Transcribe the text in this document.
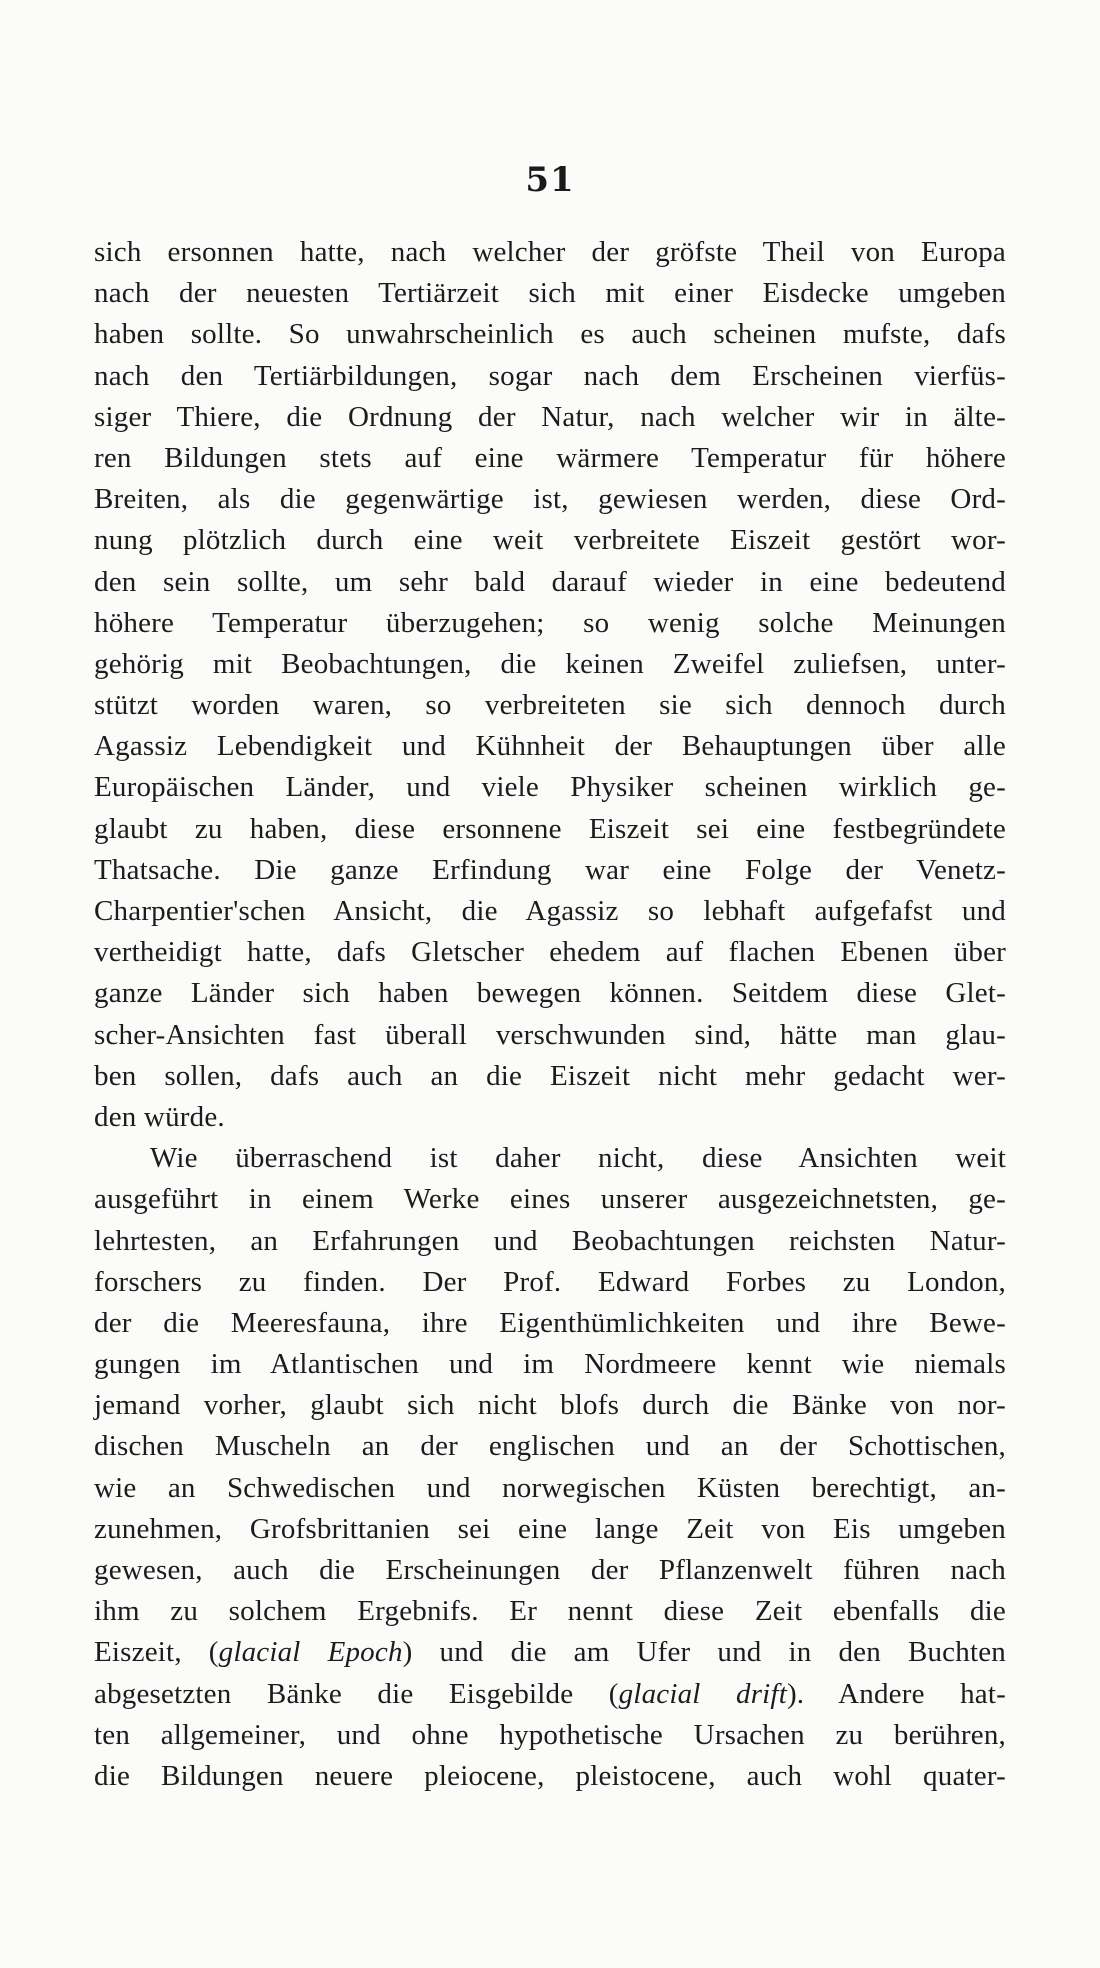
51
sich ersonnen hatte, nach welcher der gröfste Theil von Europa
nach der neuesten Tertiärzeit sich mit einer Eisdecke umgeben
haben sollte. So unwahrscheinlich es auch scheinen mufste, dafs
nach den Tertiärbildungen, sogar nach dem Erscheinen vierfüs-
siger Thiere, die Ordnung der Natur, nach welcher wir in älte-
ren Bildungen stets auf eine wärmere Temperatur für höhere
Breiten, als die gegenwärtige ist, gewiesen werden, diese Ord-
nung plötzlich durch eine weit verbreitete Eiszeit gestört wor-
den sein sollte, um sehr bald darauf wieder in eine bedeutend
höhere Temperatur überzugehen; so wenig solche Meinungen
gehörig mit Beobachtungen, die keinen Zweifel zuliefsen, unter-
stützt worden waren, so verbreiteten sie sich dennoch durch
Agassiz Lebendigkeit und Kühnheit der Behauptungen über alle
Europäischen Länder, und viele Physiker scheinen wirklich ge-
glaubt zu haben, diese ersonnene Eiszeit sei eine festbegründete
Thatsache. Die ganze Erfindung war eine Folge der Venetz-
Charpentier'schen Ansicht, die Agassiz so lebhaft aufgefafst und
vertheidigt hatte, dafs Gletscher ehedem auf flachen Ebenen über
ganze Länder sich haben bewegen können. Seitdem diese Glet-
scher-Ansichten fast überall verschwunden sind, hätte man glau-
ben sollen, dafs auch an die Eiszeit nicht mehr gedacht wer-
den würde.
Wie überraschend ist daher nicht, diese Ansichten weit
ausgeführt in einem Werke eines unserer ausgezeichnetsten, ge-
lehrtesten, an Erfahrungen und Beobachtungen reichsten Natur-
forschers zu finden. Der Prof. Edward Forbes zu London,
der die Meeresfauna, ihre Eigenthümlichkeiten und ihre Bewe-
gungen im Atlantischen und im Nordmeere kennt wie niemals
jemand vorher, glaubt sich nicht blofs durch die Bänke von nor-
dischen Muscheln an der englischen und an der Schottischen,
wie an Schwedischen und norwegischen Küsten berechtigt, an-
zunehmen, Grofsbrittanien sei eine lange Zeit von Eis umgeben
gewesen, auch die Erscheinungen der Pflanzenwelt führen nach
ihm zu solchem Ergebnifs. Er nennt diese Zeit ebenfalls die
Eiszeit, (glacial Epoch) und die am Ufer und in den Buchten
abgesetzten Bänke die Eisgebilde (glacial drift). Andere hat-
ten allgemeiner, und ohne hypothetische Ursachen zu berühren,
die Bildungen neuere pleiocene, pleistocene, auch wohl quater-
